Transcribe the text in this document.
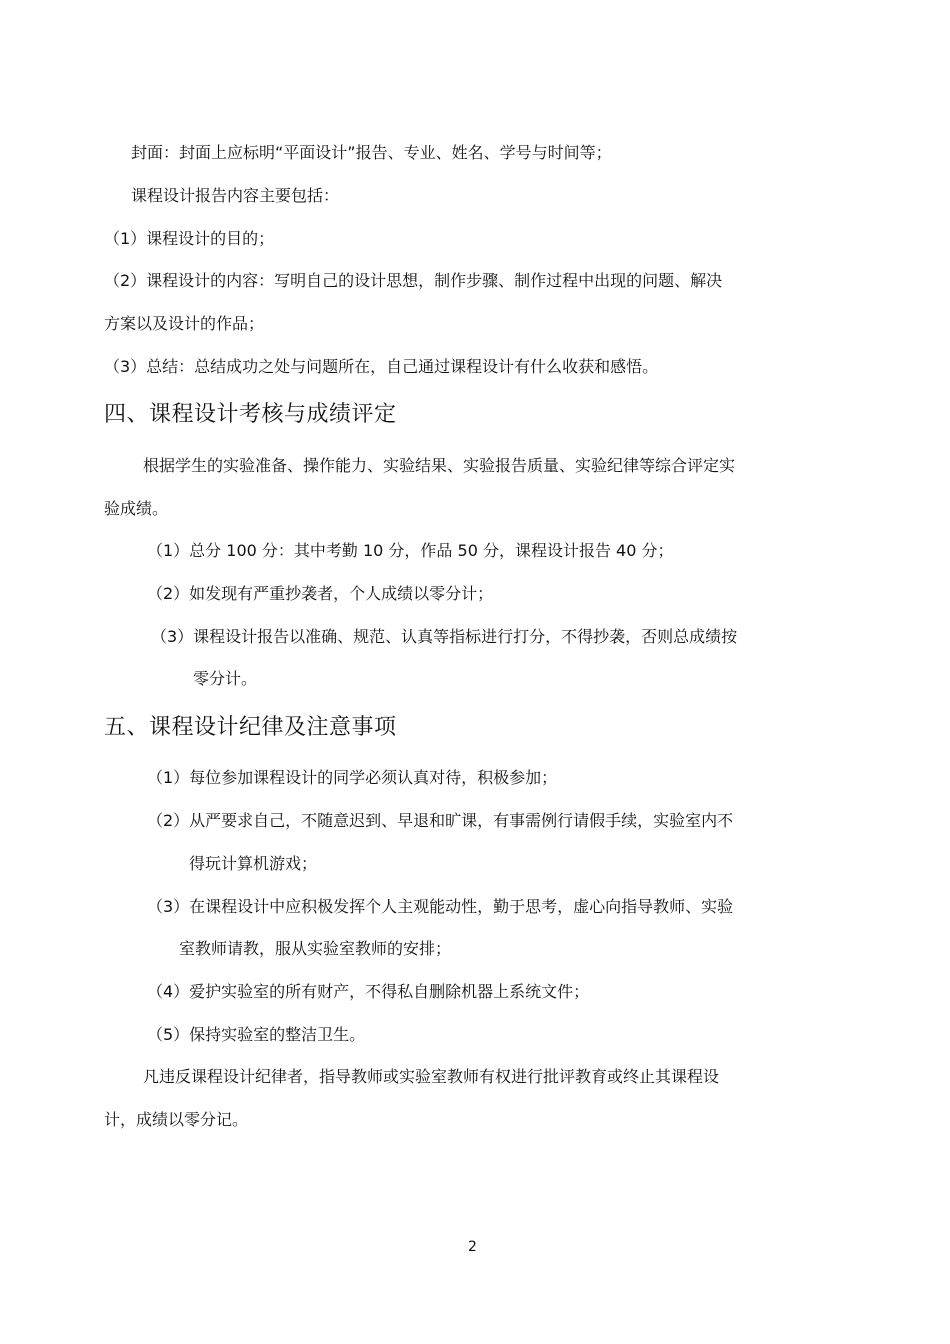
封面：封面上应标明“平面设计”报告、专业、姓名、学号与时间等；
课程设计报告内容主要包括：
（1）课程设计的目的；
（2）课程设计的内容：写明自己的设计思想，制作步骤、制作过程中出现的问题、解决
方案以及设计的作品；
（3）总结：总结成功之处与问题所在，自己通过课程设计有什么收获和感悟。
四、课程设计考核与成绩评定
根据学生的实验准备、操作能力、实验结果、实验报告质量、实验纪律等综合评定实
验成绩。
（1）总分 100 分：其中考勤 10 分，作品 50 分，课程设计报告 40 分；
（2）如发现有严重抄袭者，个人成绩以零分计；
（3）课程设计报告以准确、规范、认真等指标进行打分，不得抄袭，否则总成绩按
零分计。
五、课程设计纪律及注意事项
（1）每位参加课程设计的同学必须认真对待，积极参加；
（2）从严要求自己，不随意迟到、早退和旷课，有事需例行请假手续，实验室内不
得玩计算机游戏；
（3）在课程设计中应积极发挥个人主观能动性，勤于思考，虚心向指导教师、实验
室教师请教，服从实验室教师的安排；
（4）爱护实验室的所有财产，不得私自删除机器上系统文件；
（5）保持实验室的整洁卫生。
凡违反课程设计纪律者，指导教师或实验室教师有权进行批评教育或终止其课程设
计，成绩以零分记。
2
